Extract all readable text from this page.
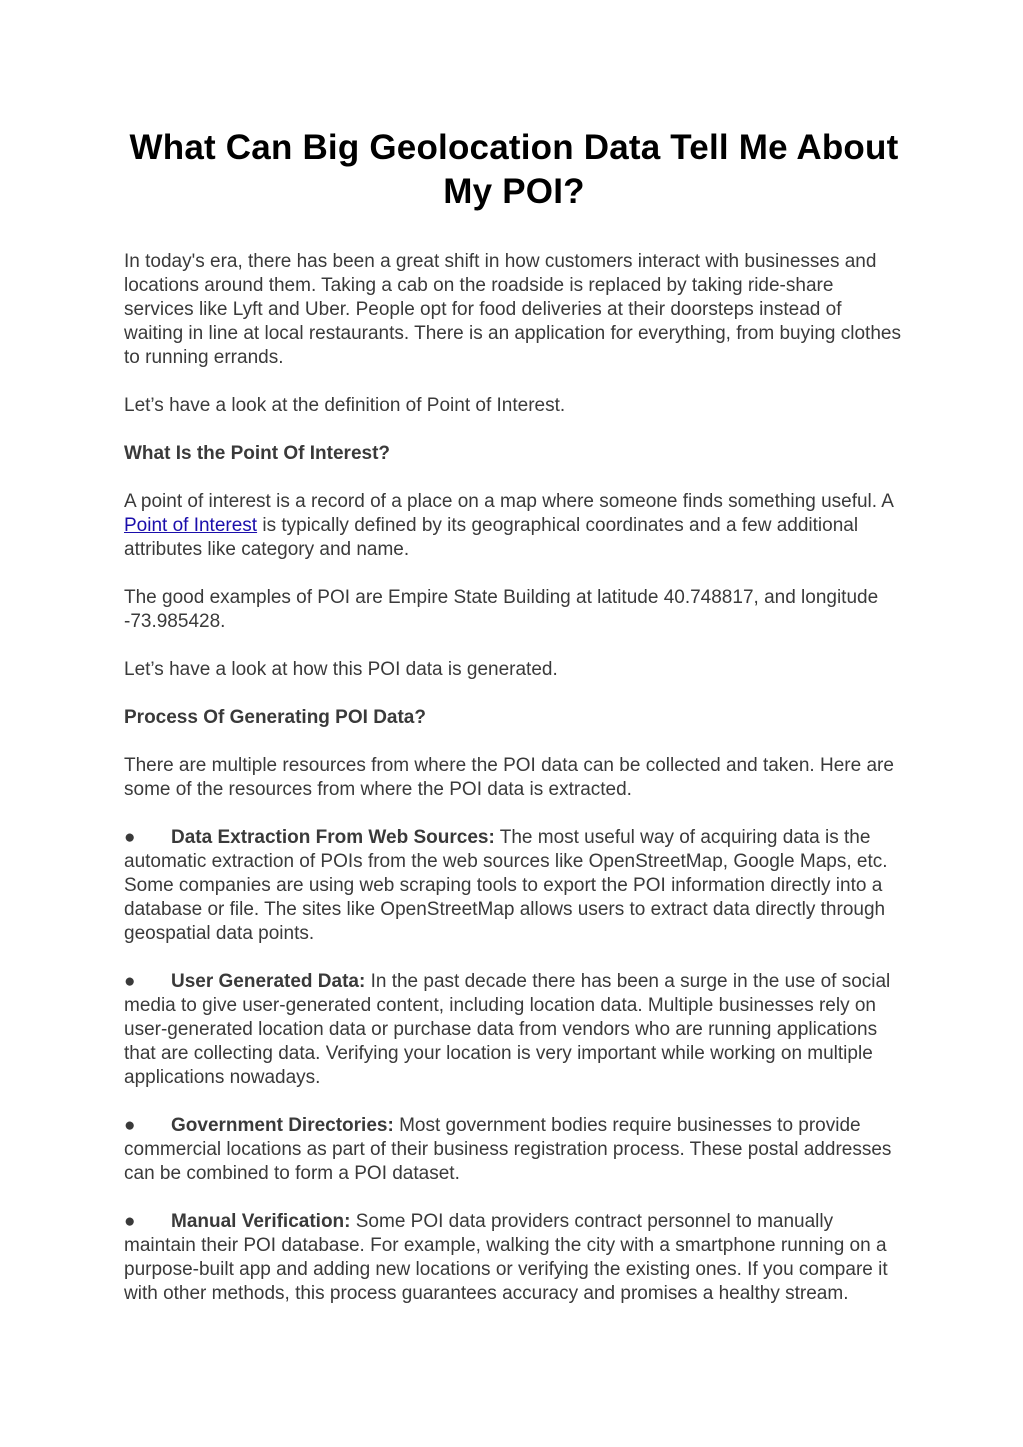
What Can Big Geolocation Data Tell Me About My POI?

In today's era, there has been a great shift in how customers interact with businesses and locations around them. Taking a cab on the roadside is replaced by taking ride-share services like Lyft and Uber. People opt for food deliveries at their doorsteps instead of waiting in line at local restaurants. There is an application for everything, from buying clothes to running errands.

Let’s have a look at the definition of Point of Interest.

What Is the Point Of Interest?

A point of interest is a record of a place on a map where someone finds something useful. A Point of Interest is typically defined by its geographical coordinates and a few additional attributes like category and name.

The good examples of POI are Empire State Building at latitude 40.748817, and longitude -73.985428.

Let’s have a look at how this POI data is generated.

Process Of Generating POI Data?

There are multiple resources from where the POI data can be collected and taken. Here are some of the resources from where the POI data is extracted.

● Data Extraction From Web Sources: The most useful way of acquiring data is the automatic extraction of POIs from the web sources like OpenStreetMap, Google Maps, etc. Some companies are using web scraping tools to export the POI information directly into a database or file. The sites like OpenStreetMap allows users to extract data directly through geospatial data points.
● User Generated Data: In the past decade there has been a surge in the use of social media to give user-generated content, including location data. Multiple businesses rely on user-generated location data or purchase data from vendors who are running applications that are collecting data. Verifying your location is very important while working on multiple applications nowadays.
● Government Directories: Most government bodies require businesses to provide commercial locations as part of their business registration process. These postal addresses can be combined to form a POI dataset.
● Manual Verification: Some POI data providers contract personnel to manually maintain their POI database. For example, walking the city with a smartphone running on a purpose-built app and adding new locations or verifying the existing ones. If you compare it with other methods, this process guarantees accuracy and promises a healthy stream.
